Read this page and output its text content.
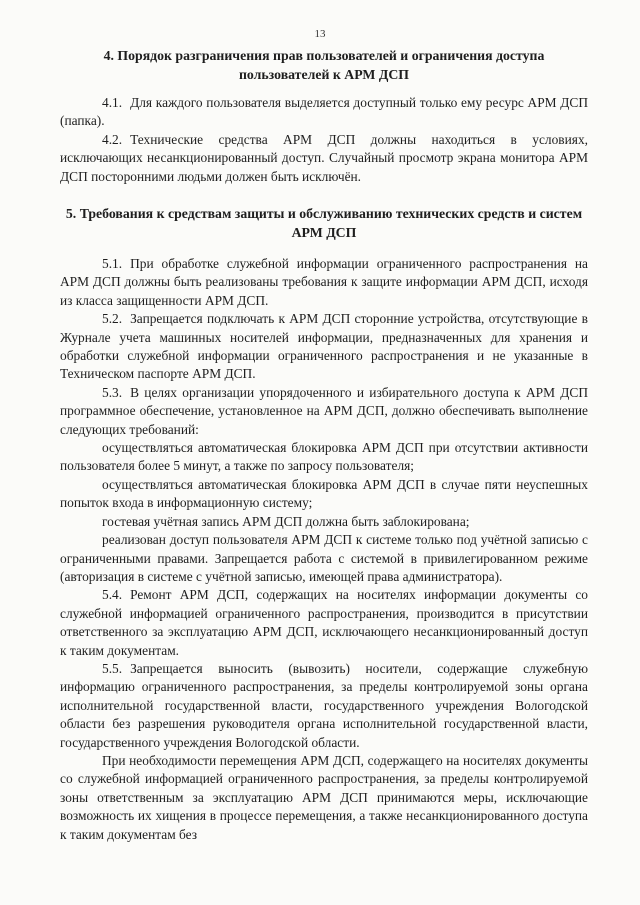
13
4. Порядок разграничения прав пользователей и ограничения доступа пользователей к АРМ ДСП

4.1. Для каждого пользователя выделяется доступный только ему ресурс АРМ ДСП (папка).

4.2. Технические средства АРМ ДСП должны находиться в условиях, исключающих несанкционированный доступ. Случайный просмотр экрана монитора АРМ ДСП посторонними людьми должен быть исключён.

5. Требования к средствам защиты и обслуживанию технических средств и систем АРМ ДСП

5.1. При обработке служебной информации ограниченного распространения на АРМ ДСП должны быть реализованы требования к защите информации АРМ ДСП, исходя из класса защищенности АРМ ДСП.

5.2. Запрещается подключать к АРМ ДСП сторонние устройства, отсутствующие в Журнале учета машинных носителей информации, предназначенных для хранения и обработки служебной информации ограниченного распространения и не указанные в Техническом паспорте АРМ ДСП.

5.3. В целях организации упорядоченного и избирательного доступа к АРМ ДСП программное обеспечение, установленное на АРМ ДСП, должно обеспечивать выполнение следующих требований:

осуществляться автоматическая блокировка АРМ ДСП при отсутствии активности пользователя более 5 минут, а также по запросу пользователя;

осуществляться автоматическая блокировка АРМ ДСП в случае пяти неуспешных попыток входа в информационную систему;

гостевая учётная запись АРМ ДСП должна быть заблокирована;

реализован доступ пользователя АРМ ДСП к системе только под учётной записью с ограниченными правами. Запрещается работа с системой в привилегированном режиме (авторизация в системе с учётной записью, имеющей права администратора).

5.4. Ремонт АРМ ДСП, содержащих на носителях информации документы со служебной информацией ограниченного распространения, производится в присутствии ответственного за эксплуатацию АРМ ДСП, исключающего несанкционированный доступ к таким документам.

5.5. Запрещается выносить (вывозить) носители, содержащие служебную информацию ограниченного распространения, за пределы контролируемой зоны органа исполнительной государственной власти, государственного учреждения Вологодской области без разрешения руководителя органа исполнительной государственной власти, государственного учреждения Вологодской области.

При необходимости перемещения АРМ ДСП, содержащего на носителях документы со служебной информацией ограниченного распространения, за пределы контролируемой зоны ответственным за эксплуатацию АРМ ДСП принимаются меры, исключающие возможность их хищения в процессе перемещения, а также несанкционированного доступа к таким документам без
